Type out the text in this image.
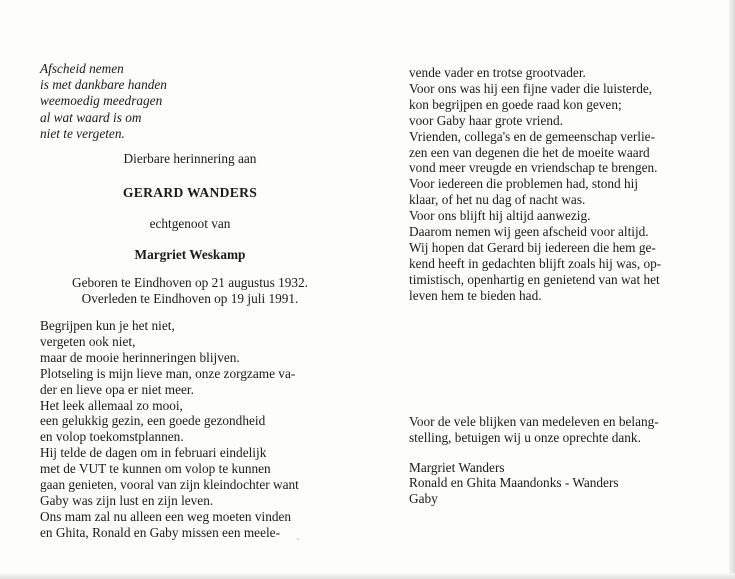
Afscheid nemen
is met dankbare handen
weemoedig meedragen
al wat waard is om
niet te vergeten.
Dierbare herinnering aan
GERARD WANDERS
echtgenoot van
Margriet Weskamp
Geboren te Eindhoven op 21 augustus 1932.
Overleden te Eindhoven op 19 juli 1991.
Begrijpen kun je het niet,
vergeten ook niet,
maar de mooie herinneringen blijven.
Plotseling is mijn lieve man, onze zorgzame va-
der en lieve opa er niet meer.
Het leek allemaal zo mooi,
een gelukkig gezin, een goede gezondheid
en volop toekomstplannen.
Hij telde de dagen om in februari eindelijk
met de VUT te kunnen om volop te kunnen
gaan genieten, vooral van zijn kleindochter want
Gaby was zijn lust en zijn leven.
Ons mam zal nu alleen een weg moeten vinden
en Ghita, Ronald en Gaby missen een meele-
vende vader en trotse grootvader.
Voor ons was hij een fijne vader die luisterde,
kon begrijpen en goede raad kon geven;
voor Gaby haar grote vriend.
Vrienden, collega's en de gemeenschap verlie-
zen een van degenen die het de moeite waard
vond meer vreugde en vriendschap te brengen.
Voor iedereen die problemen had, stond hij
klaar, of het nu dag of nacht was.
Voor ons blijft hij altijd aanwezig.
Daarom nemen wij geen afscheid voor altijd.
Wij hopen dat Gerard bij iedereen die hem ge-
kend heeft in gedachten blijft zoals hij was, op-
timistisch, openhartig en genietend van wat het
leven hem te bieden had.
Voor de vele blijken van medeleven en belang-
stelling, betuigen wij u onze oprechte dank.
Margriet Wanders
Ronald en Ghita Maandonks - Wanders
Gaby
